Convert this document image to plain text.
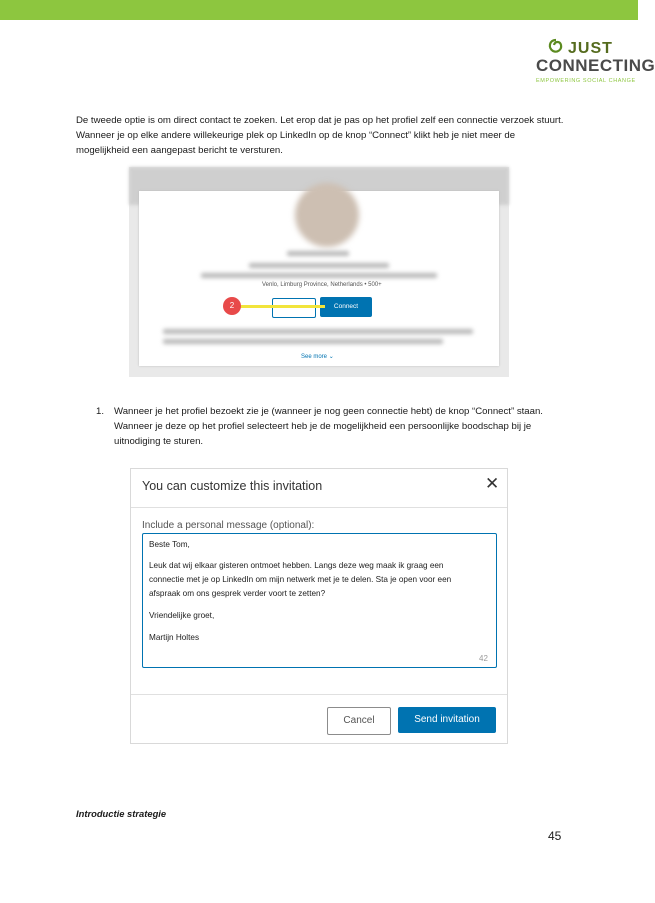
JUST
CONNECTING
EMPOWERING SOCIAL CHANGE
De tweede optie is om direct contact te zoeken. Let erop dat je pas op het profiel zelf een connectie verzoek stuurt. Wanneer je op elke andere willekeurige plek op LinkedIn op de knop “Connect” klikt heb je niet meer de mogelijkheid een aangepast bericht te versturen.
Venlo, Limburg Province, Netherlands • 500+
Connect
2
See more ⌄
1. Wanneer je het profiel bezoekt zie je (wanneer je nog geen connectie hebt) de knop “Connect” staan. Wanneer je deze op het profiel selecteert heb je de mogelijkheid een persoonlijke boodschap bij je uitnodiging te sturen.
You can customize this invitation	✕
Include a personal message (optional):
Beste Tom,
Leuk dat wij elkaar gisteren ontmoet hebben. Langs deze weg maak ik graag een
connectie met je op LinkedIn om mijn netwerk met je te delen. Sta je open voor een
afspraak om ons gesprek verder voort te zetten?
Vriendelijke groet,
Martijn Holtes
42
Cancel	Send invitation
Introductie strategie
45
